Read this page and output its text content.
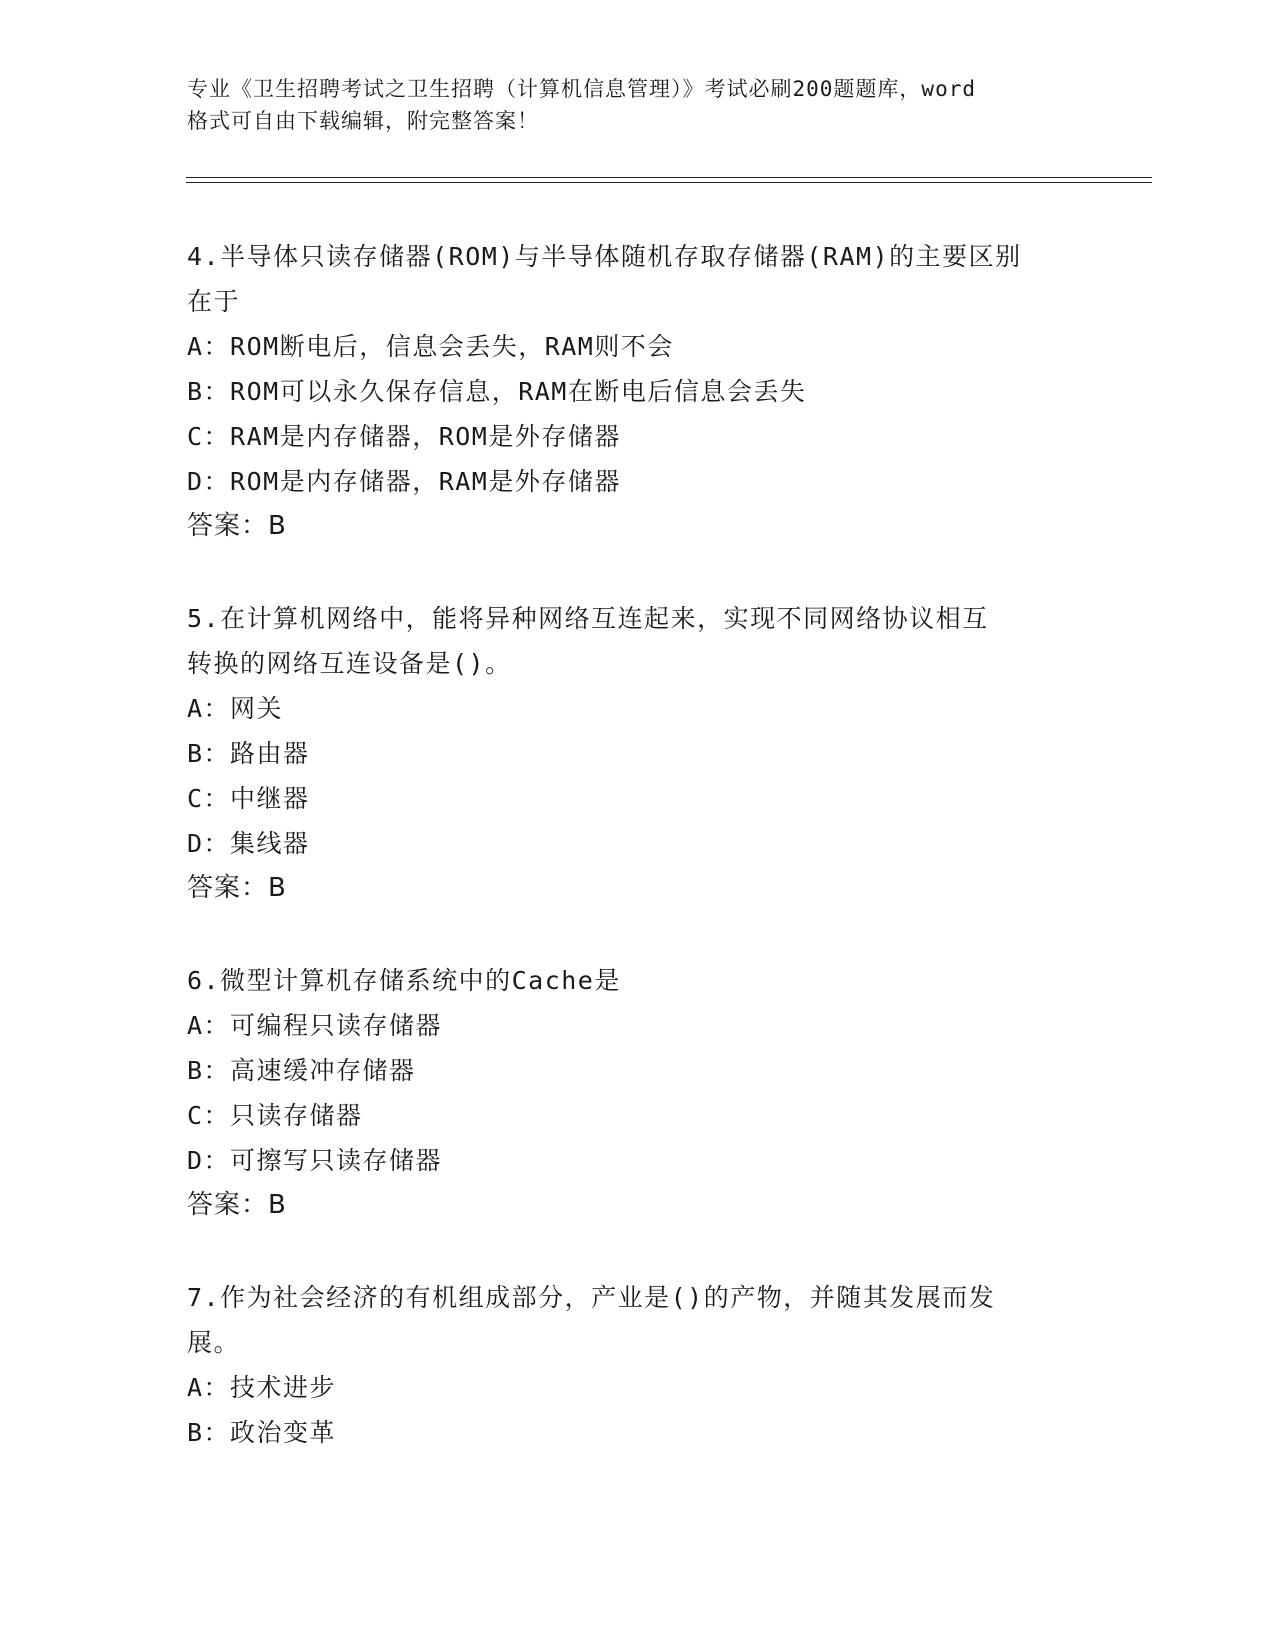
专业《卫生招聘考试之卫生招聘（计算机信息管理）》考试必刷200题题库，word
格式可自由下载编辑，附完整答案！
4.半导体只读存储器(ROM)与半导体随机存取存储器(RAM)的主要区别
在于
A：ROM断电后，信息会丢失，RAM则不会
B：ROM可以永久保存信息，RAM在断电后信息会丢失
C：RAM是内存储器，ROM是外存储器
D：ROM是内存储器，RAM是外存储器
答案：B
5.在计算机网络中，能将异种网络互连起来，实现不同网络协议相互
转换的网络互连设备是()。
A：网关
B：路由器
C：中继器
D：集线器
答案：B
6.微型计算机存储系统中的Cache是
A：可编程只读存储器
B：高速缓冲存储器
C：只读存储器
D：可擦写只读存储器
答案：B
7.作为社会经济的有机组成部分，产业是()的产物，并随其发展而发
展。
A：技术进步
B：政治变革
